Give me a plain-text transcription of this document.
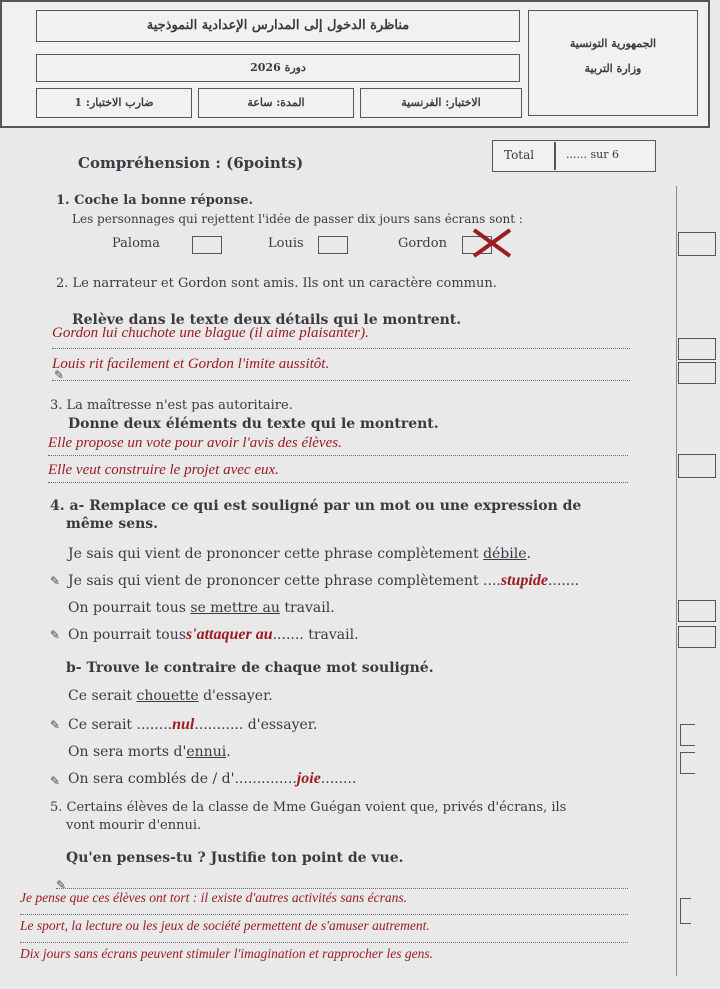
مناظرة الدخول إلى المدارس الإعدادية النموذجية
دورة 2026
ضارب الاختبار: 1	المدة: ساعة	الاختبار: الفرنسية
الجمهورية التونسية
وزارة التربية
Compréhension : (6points)	Total	...... sur 6
1. Coche la bonne réponse.
Les personnages qui rejettent l'idée de passer dix jours sans écrans sont :
Paloma	Louis	Gordon
2. Le narrateur et Gordon sont amis. Ils ont un caractère commun.
Relève dans le texte deux détails qui le montrent.
Gordon lui chuchote une blague (il aime plaisanter).
Louis rit facilement et Gordon l'imite aussitôt.
✎
3. La maîtresse n'est pas autoritaire.
Donne deux éléments du texte qui le montrent.
Elle propose un vote pour avoir l'avis des élèves.
Elle veut construire le projet avec eux.
4. a- Remplace ce qui est souligné par un mot ou une expression de
même sens.
Je sais qui vient de prononcer cette phrase complètement débile.
✎ Je sais qui vient de prononcer cette phrase complètement ....stupide.......
On pourrait tous se mettre au travail.
✎ On pourrait touss'attaquer au....... travail.
b- Trouve le contraire de chaque mot souligné.
Ce serait chouette d'essayer.
✎ Ce serait ........nul........... d'essayer.
On sera morts d'ennui.
✎ On sera comblés de / d'..............joie........
5. Certains élèves de la classe de Mme Guégan voient que, privés d'écrans, ils
vont mourir d'ennui.
Qu'en penses-tu ? Justifie ton point de vue.
✎
Je pense que ces élèves ont tort : il existe d'autres activités sans écrans.
Le sport, la lecture ou les jeux de société permettent de s'amuser autrement.
Dix jours sans écrans peuvent stimuler l'imagination et rapprocher les gens.
